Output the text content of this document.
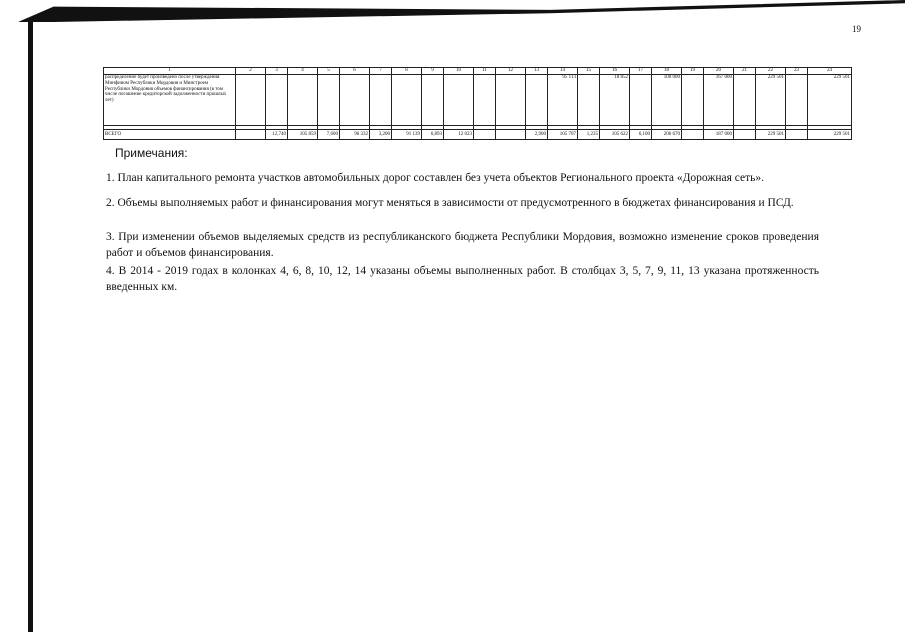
19
1	2	3	4	5	6	7	8	9	10	11	12	13	14	15	16	17	18	19	20	21	22	23	24
распределение будет произведено после утверждения Минфином Республики Мордовия и Минстроем Республики Мордовия объемов финансирования (в том числе погашение кредиторской задолженности прошлых лет)													95 113		18 852		100 000		167 000		229 501		229 501

ВСЕГО		12,740	105 859	7,600	96 332	3,200	91 139	6,893	12 023			2,900	105 707	1,235	105 622	6,100	206 670		187 000		229 501		229 501
Примечания:
1. План капитального ремонта участков автомобильных дорог составлен без учета объектов Регионального проекта «Дорожная сеть».
2. Объемы выполняемых работ и финансирования могут меняться в зависимости от предусмотренного в бюджетах финансирования и ПСД.
3. При изменении объемов выделяемых средств из республиканского бюджета Республики Мордовия, возможно изменение сроков проведения работ и объемов финансирования.
4. В 2014 - 2019 годах в колонках 4, 6, 8, 10, 12, 14 указаны объемы выполненных работ. В столбцах 3, 5, 7, 9, 11, 13 указана протяженность введенных км.
